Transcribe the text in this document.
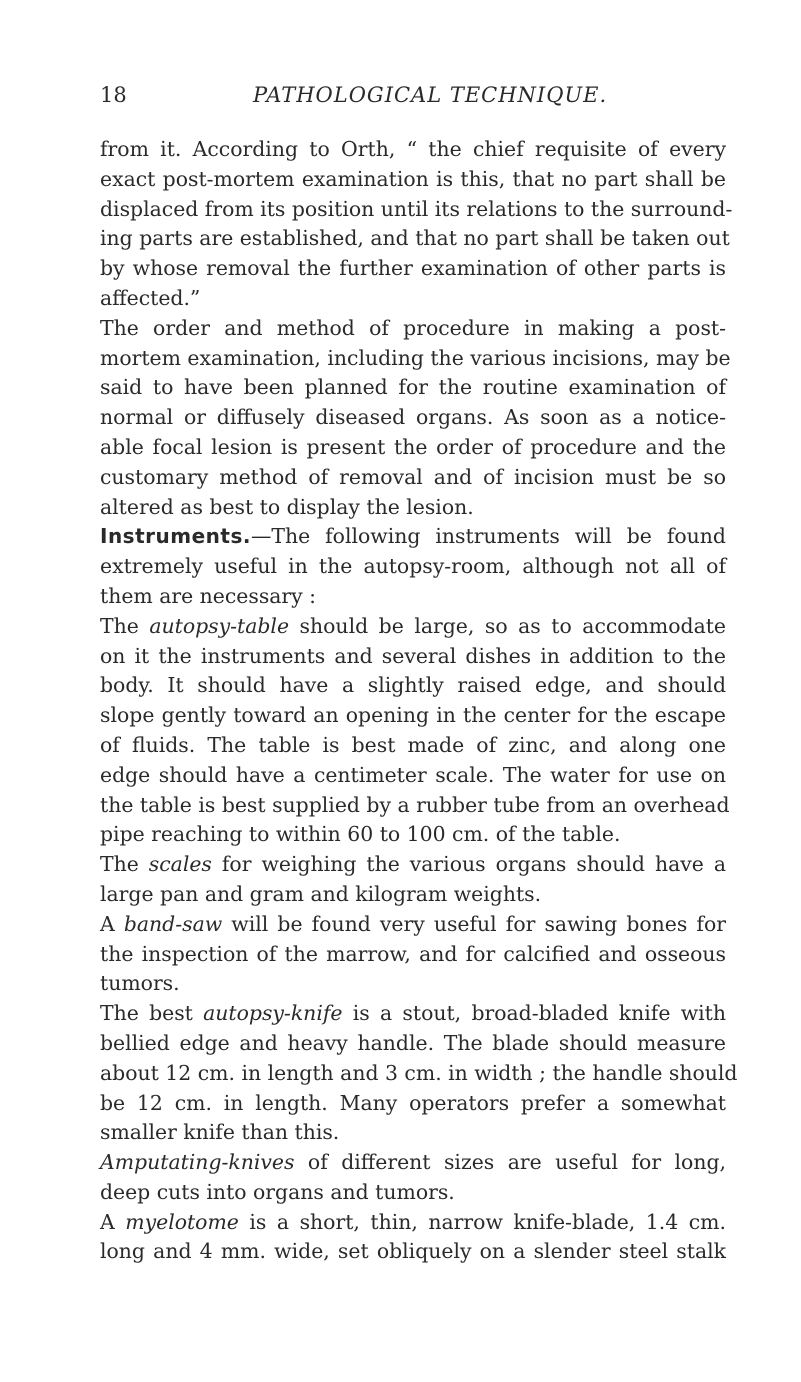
18	PATHOLOGICAL TECHNIQUE.
from it. According to Orth, “ the chief requisite of every
exact post-mortem examination is this, that no part shall be
displaced from its position until its relations to the surround-
ing parts are established, and that no part shall be taken out
by whose removal the further examination of other parts is
affected.”
The order and method of procedure in making a post-
mortem examination, including the various incisions, may be
said to have been planned for the routine examination of
normal or diffusely diseased organs. As soon as a notice-
able focal lesion is present the order of procedure and the
customary method of removal and of incision must be so
altered as best to display the lesion.
Instruments.—The following instruments will be found
extremely useful in the autopsy-room, although not all of
them are necessary :
The autopsy-table should be large, so as to accommodate
on it the instruments and several dishes in addition to the
body. It should have a slightly raised edge, and should
slope gently toward an opening in the center for the escape
of fluids. The table is best made of zinc, and along one
edge should have a centimeter scale. The water for use on
the table is best supplied by a rubber tube from an overhead
pipe reaching to within 60 to 100 cm. of the table.
The scales for weighing the various organs should have a
large pan and gram and kilogram weights.
A band-saw will be found very useful for sawing bones for
the inspection of the marrow, and for calcified and osseous
tumors.
The best autopsy-knife is a stout, broad-bladed knife with
bellied edge and heavy handle. The blade should measure
about 12 cm. in length and 3 cm. in width ; the handle should
be 12 cm. in length. Many operators prefer a somewhat
smaller knife than this.
Amputating-knives of different sizes are useful for long,
deep cuts into organs and tumors.
A myelotome is a short, thin, narrow knife-blade, 1.4 cm.
long and 4 mm. wide, set obliquely on a slender steel stalk
